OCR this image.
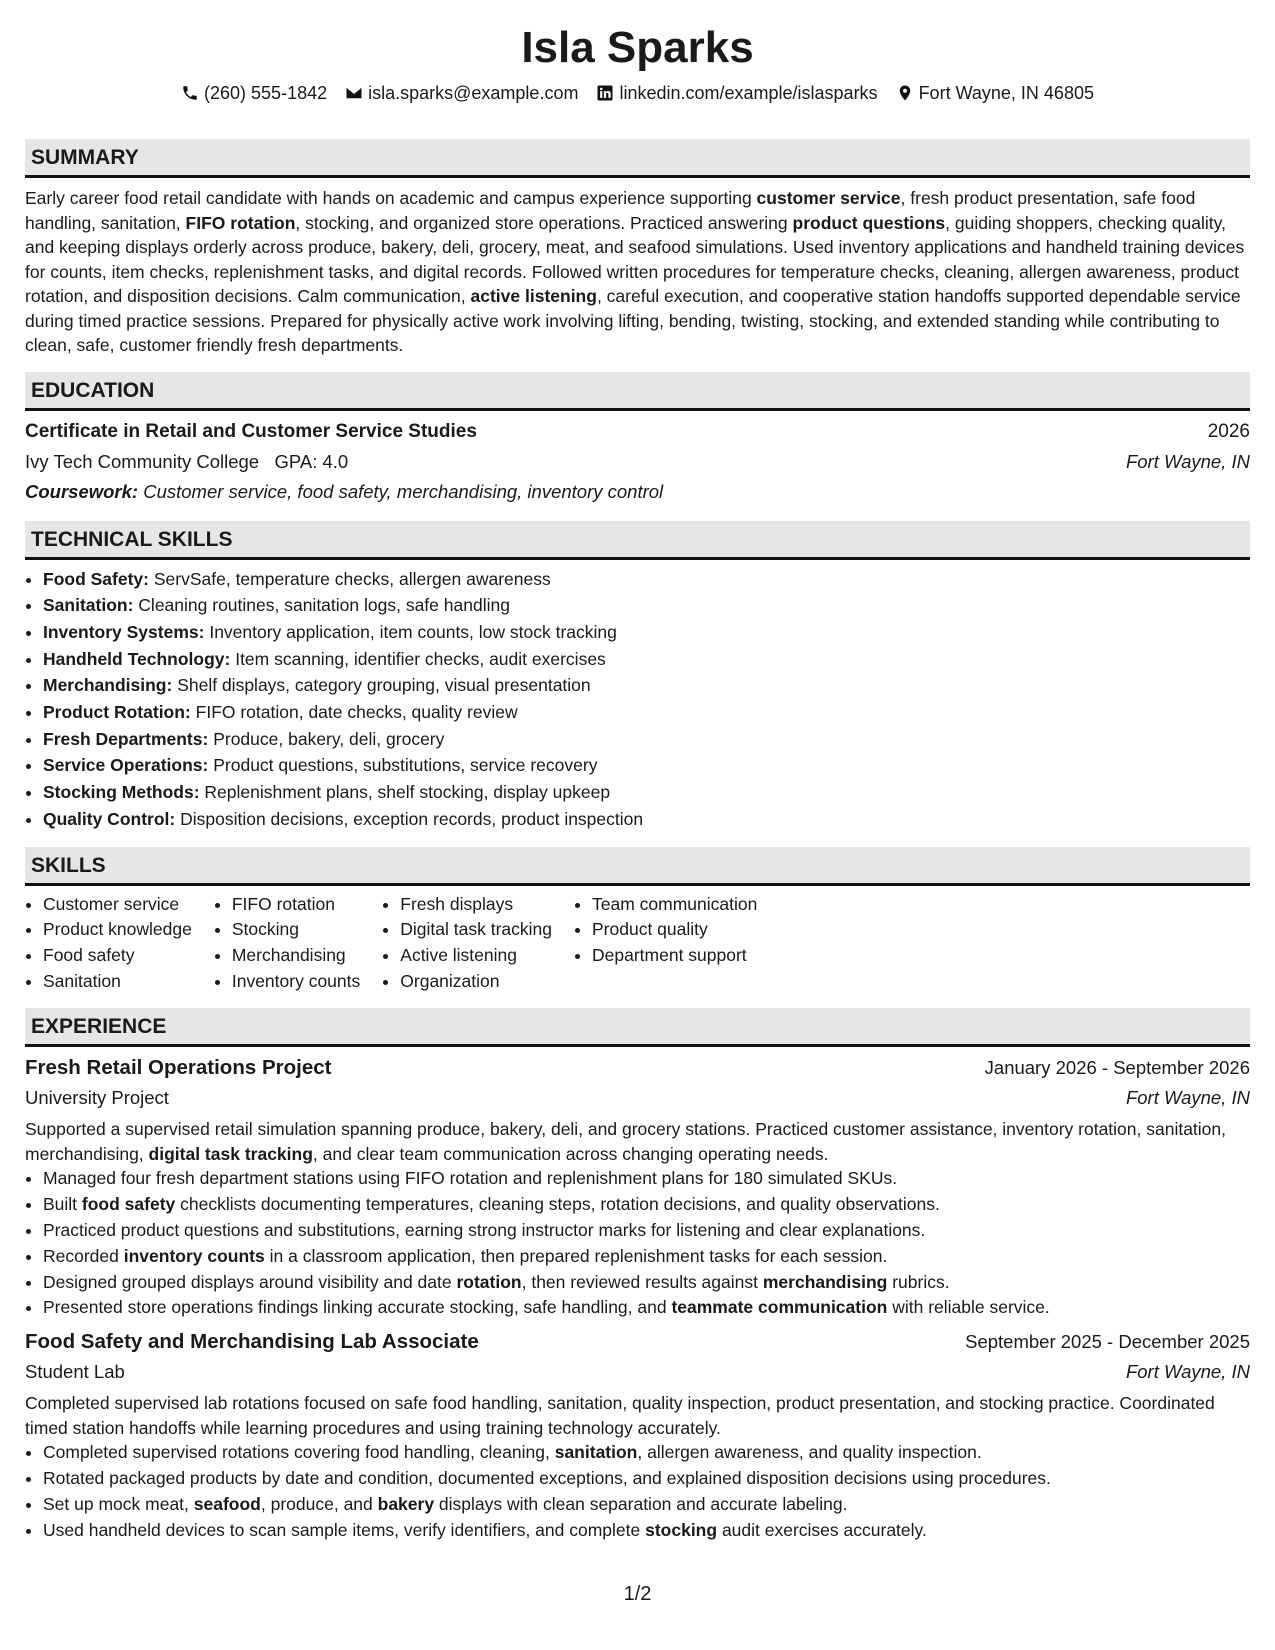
Isla Sparks
(260) 555-1842 isla.sparks@example.com linkedin.com/example/islasparks Fort Wayne, IN 46805
SUMMARY

Early career food retail candidate with hands on academic and campus experience supporting customer service, fresh product presentation, safe food handling, sanitation, FIFO rotation, stocking, and organized store operations. Practiced answering product questions, guiding shoppers, checking quality, and keeping displays orderly across produce, bakery, deli, grocery, meat, and seafood simulations. Used inventory applications and handheld training devices for counts, item checks, replenishment tasks, and digital records. Followed written procedures for temperature checks, cleaning, allergen awareness, product rotation, and disposition decisions. Calm communication, active listening, careful execution, and cooperative station handoffs supported dependable service during timed practice sessions. Prepared for physically active work involving lifting, bending, twisting, stocking, and extended standing while contributing to clean, safe, customer friendly fresh departments.

EDUCATION
Certificate in Retail and Customer Service Studies	2026
Ivy Tech Community College GPA: 4.0	Fort Wayne, IN
Coursework: Customer service, food safety, merchandising, inventory control
TECHNICAL SKILLS
• Food Safety: ServSafe, temperature checks, allergen awareness
• Sanitation: Cleaning routines, sanitation logs, safe handling
• Inventory Systems: Inventory application, item counts, low stock tracking
• Handheld Technology: Item scanning, identifier checks, audit exercises
• Merchandising: Shelf displays, category grouping, visual presentation
• Product Rotation: FIFO rotation, date checks, quality review
• Fresh Departments: Produce, bakery, deli, grocery
• Service Operations: Product questions, substitutions, service recovery
• Stocking Methods: Replenishment plans, shelf stocking, display upkeep
• Quality Control: Disposition decisions, exception records, product inspection
SKILLS
• Customer service
• Product knowledge
• Food safety
• Sanitation
• FIFO rotation
• Stocking
• Merchandising
• Inventory counts
• Fresh displays
• Digital task tracking
• Active listening
• Organization
• Team communication
• Product quality
• Department support
EXPERIENCE
Fresh Retail Operations Project	January 2026 - September 2026
University Project	Fort Wayne, IN

Supported a supervised retail simulation spanning produce, bakery, deli, and grocery stations. Practiced customer assistance, inventory rotation, sanitation, merchandising, digital task tracking, and clear team communication across changing operating needs.

• Managed four fresh department stations using FIFO rotation and replenishment plans for 180 simulated SKUs.
• Built food safety checklists documenting temperatures, cleaning steps, rotation decisions, and quality observations.
• Practiced product questions and substitutions, earning strong instructor marks for listening and clear explanations.
• Recorded inventory counts in a classroom application, then prepared replenishment tasks for each session.
• Designed grouped displays around visibility and date rotation, then reviewed results against merchandising rubrics.
• Presented store operations findings linking accurate stocking, safe handling, and teammate communication with reliable service.
Food Safety and Merchandising Lab Associate	September 2025 - December 2025
Student Lab	Fort Wayne, IN

Completed supervised lab rotations focused on safe food handling, sanitation, quality inspection, product presentation, and stocking practice. Coordinated timed station handoffs while learning procedures and using training technology accurately.

• Completed supervised rotations covering food handling, cleaning, sanitation, allergen awareness, and quality inspection.
• Rotated packaged products by date and condition, documented exceptions, and explained disposition decisions using procedures.
• Set up mock meat, seafood, produce, and bakery displays with clean separation and accurate labeling.
• Used handheld devices to scan sample items, verify identifiers, and complete stocking audit exercises accurately.
1/2
